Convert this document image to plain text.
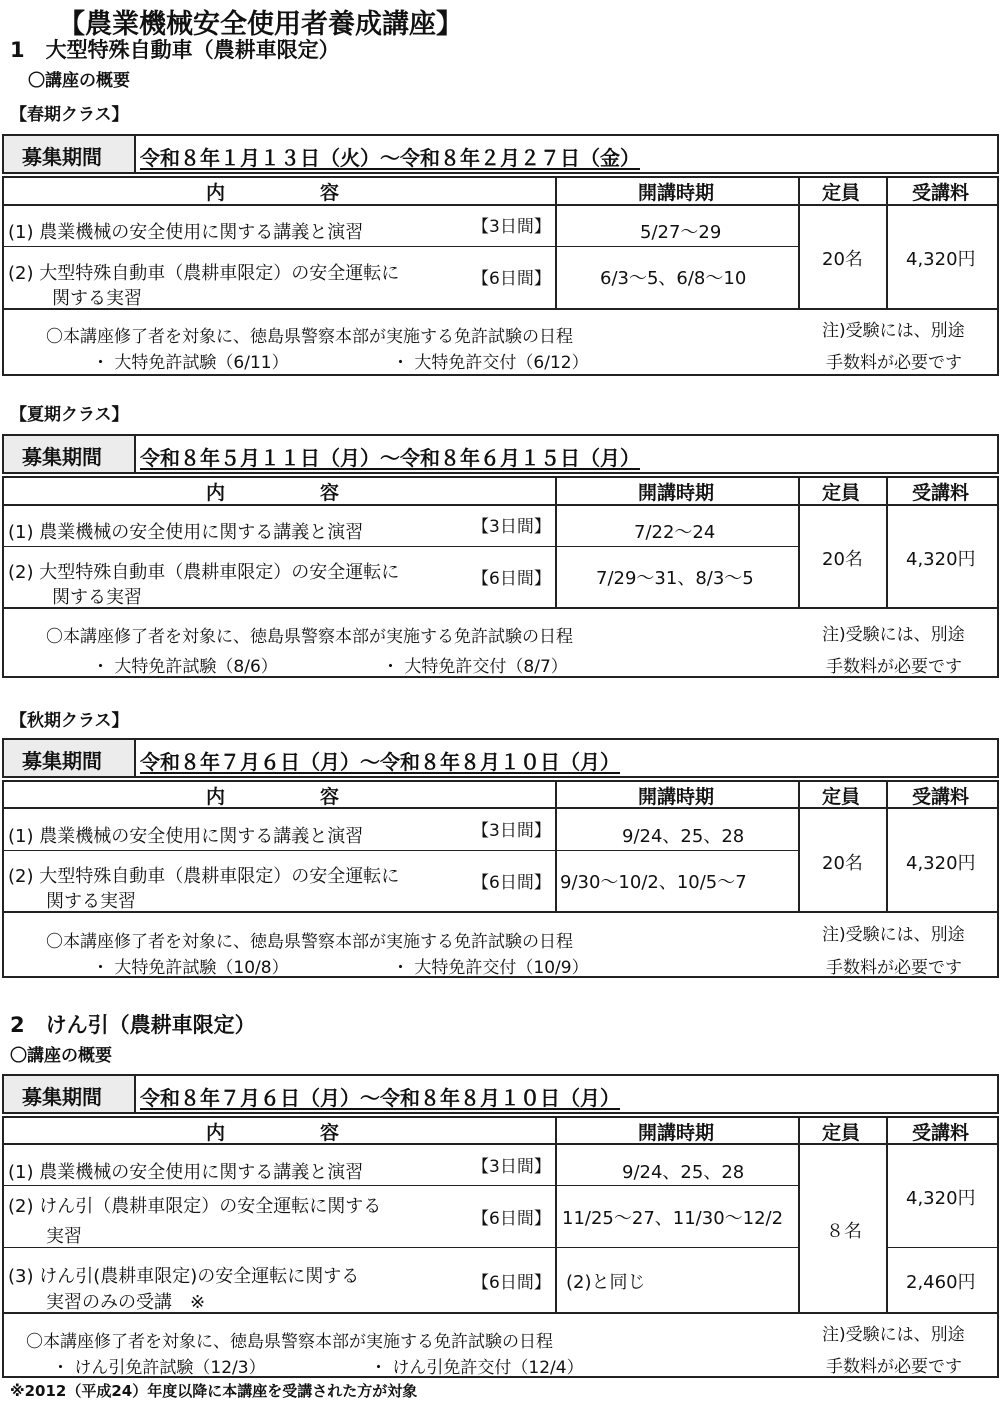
【農業機械安全使用者養成講座】
1　大型特殊自動車（農耕車限定）
〇講座の概要
【春期クラス】
募集期間 令和８年１月１３日（火）～令和８年２月２７日（金）
内　　　　　容	開講時期	定員	受講料
(1) 農業機械の安全使用に関する講義と演習	【3日間】	5/27～29
(2) 大型特殊自動車（農耕車限定）の安全運転に
関する実習
【6日間】	6/3～5、6/8～10
20名 4,320円
〇本講座修了者を対象に、徳島県警察本部が実施する免許試験の日程
・ 大特免許試験（6/11）	・ 大特免許交付（6/12）
注)受験には、別途
手数料が必要です
【夏期クラス】
募集期間 令和８年５月１１日（月）～令和８年６月１５日（月）
内　　　　　容	開講時期	定員	受講料
(1) 農業機械の安全使用に関する講義と演習	【3日間】	7/22～24
(2) 大型特殊自動車（農耕車限定）の安全運転に
関する実習
【6日間】	7/29～31、8/3～5
20名 4,320円
〇本講座修了者を対象に、徳島県警察本部が実施する免許試験の日程
・ 大特免許試験（8/6）	・ 大特免許交付（8/7）
注)受験には、別途
手数料が必要です
【秋期クラス】
募集期間 令和８年７月６日（月）～令和８年８月１０日（月）
内　　　　　容	開講時期	定員	受講料
(1) 農業機械の安全使用に関する講義と演習	【3日間】	9/24、25、28
(2) 大型特殊自動車（農耕車限定）の安全運転に
関する実習
【6日間】 9/30～10/2、10/5～7
20名 4,320円
〇本講座修了者を対象に、徳島県警察本部が実施する免許試験の日程
・ 大特免許試験（10/8）	・ 大特免許交付（10/9）
注)受験には、別途
手数料が必要です
2　けん引（農耕車限定）
〇講座の概要
募集期間 令和８年７月６日（月）～令和８年８月１０日（月）
内　　　　　容	開講時期	定員	受講料
(1) 農業機械の安全使用に関する講義と演習	【3日間】	9/24、25、28
(2) けん引（農耕車限定）の安全運転に関する
実習
【6日間】 11/25～27、11/30～12/2
(3) けん引(農耕車限定)の安全運転に関する
実習のみの受講　※
【6日間】 (2)と同じ
８名
4,320円
2,460円
〇本講座修了者を対象に、徳島県警察本部が実施する免許試験の日程
・ けん引免許試験（12/3）	・ けん引免許交付（12/4）
注)受験には、別途
手数料が必要です
※2012（平成24）年度以降に本講座を受講された方が対象
